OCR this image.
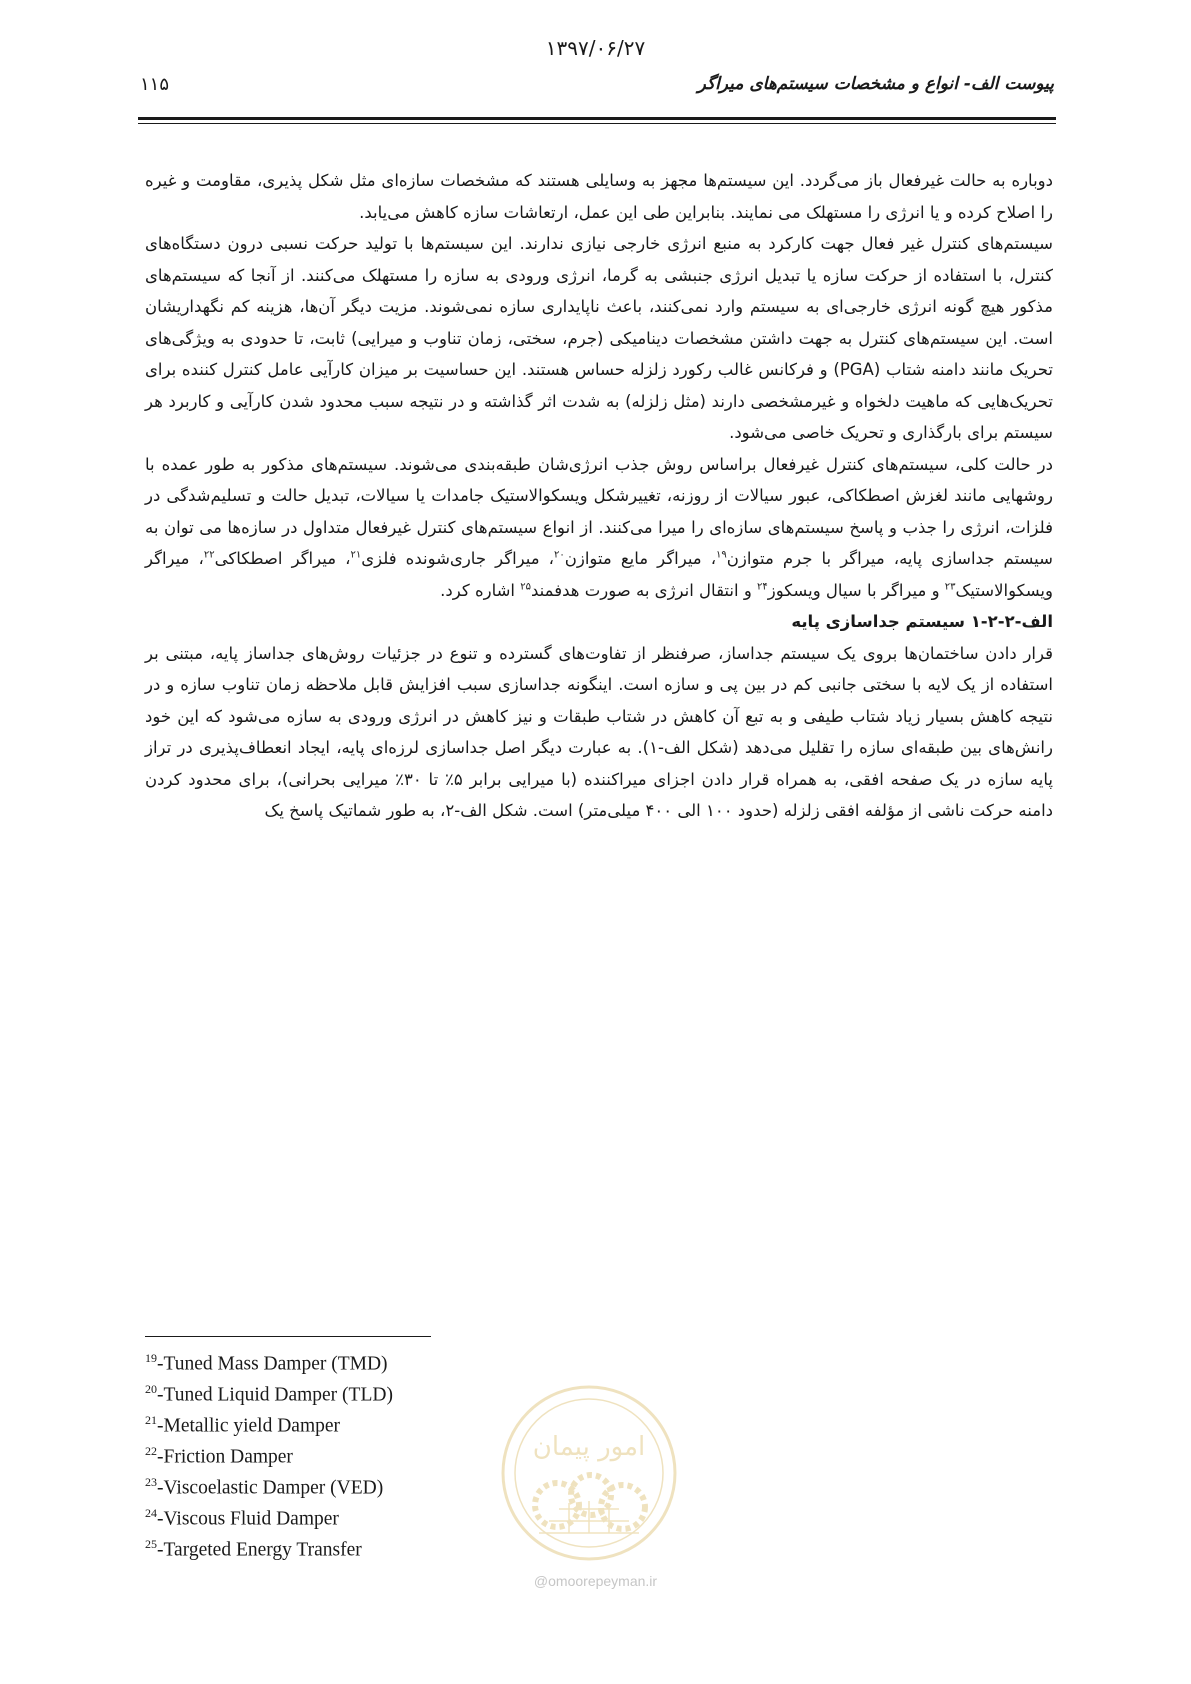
۱۳۹۷/۰۶/۲۷
پیوست الف- انواع و مشخصات سیستم‌های میراگر
۱۱۵

دوباره به حالت غیرفعال باز می‌گردد. این سیستم‌ها مجهز به وسایلی هستند که مشخصات سازه‌ای مثل شکل پذیری، مقاومت و غیره را اصلاح کرده و یا انرژی را مستهلک می نمایند. بنابراین طی این عمل، ارتعاشات سازه کاهش می‌یابد.

سیستم‌های کنترل غیر فعال جهت کارکرد به منبع انرژی خارجی نیازی ندارند. این سیستم‌ها با تولید حرکت نسبی درون دستگاه‌های کنترل، با استفاده از حرکت سازه یا تبدیل انرژی جنبشی به گرما، انرژی ورودی به سازه را مستهلک می‌کنند. از آنجا که سیستم‌های مذکور هیچ گونه انرژی خارجی‌ای به سیستم وارد نمی‌کنند، باعث ناپایداری سازه نمی‌شوند. مزیت دیگر آن‌ها، هزینه کم نگهداریشان است. این سیستم‌های کنترل به جهت داشتن مشخصات دینامیکی (جرم، سختی، زمان تناوب و میرایی) ثابت، تا حدودی به ویژگی‌های تحریک مانند دامنه شتاب (PGA) و فرکانس غالب رکورد زلزله حساس هستند. این حساسیت بر میزان کارآیی عامل کنترل کننده برای تحریک‌هایی که ماهیت دلخواه و غیرمشخصی دارند (مثل زلزله) به شدت اثر گذاشته و در نتیجه سبب محدود شدن کارآیی و کاربرد هر سیستم برای بارگذاری و تحریک خاصی می‌شود.

در حالت کلی، سیستم‌های کنترل غیرفعال براساس روش جذب انرژی‌شان طبقه‌بندی می‌شوند. سیستم‌های مذکور به طور عمده با روشهایی مانند لغزش اصطکاکی، عبور سیالات از روزنه، تغییرشکل ویسکوالاستیک جامدات یا سیالات، تبدیل حالت و تسلیم‌شدگی در فلزات، انرژی را جذب و پاسخ سیستم‌های سازه‌ای را میرا می‌کنند. از انواع سیستم‌های کنترل غیرفعال متداول در سازه‌ها می توان به سیستم جداسازی پایه، میراگر با جرم متوازن$^{۱۹}$، میراگر مایع متوازن$^{۲۰}$، میراگر جاری‌شونده فلزی$^{۲۱}$، میراگر اصطکاکی$^{۲۲}$، میراگر ویسکوالاستیک$^{۲۳}$ و میراگر با سیال ویسکوز$^{۲۴}$ و انتقال انرژی به صورت هدفمند$^{۲۵}$ اشاره کرد.

الف-۲-۲-۱ سیستم جداسازی پایه

قرار دادن ساختمان‌ها بروی یک سیستم جداساز، صرفنظر از تفاوت‌های گسترده و تنوع در جزئیات روش‌های جداساز پایه، مبتنی بر استفاده از یک لایه با سختی جانبی کم در بین پی و سازه است. اینگونه جداسازی سبب افزایش قابل ملاحظه زمان تناوب سازه و در نتیجه کاهش بسیار زیاد شتاب طیفی و به تبع آن کاهش در شتاب طبقات و نیز کاهش در انرژی ورودی به سازه می‌شود که این خود رانش‌های بین طبقه‌ای سازه را تقلیل می‌دهد (شکل الف-۱). به عبارت دیگر اصل جداسازی لرزه‌ای پایه، ایجاد انعطاف‌پذیری در تراز پایه سازه در یک صفحه افقی، به همراه قرار دادن اجزای میراکننده (با میرایی برابر ۵٪ تا ۳۰٪ میرایی بحرانی)، برای محدود کردن دامنه حرکت ناشی از مؤلفه افقی زلزله (حدود ۱۰۰ الی ۴۰۰ میلی‌متر) است. شکل الف-۲، به طور شماتیک پاسخ یک

$^{19}$-Tuned Mass Damper (TMD)
$^{20}$-Tuned Liquid Damper (TLD)
$^{21}$-Metallic yield Damper
$^{22}$-Friction Damper
$^{23}$-Viscoelastic Damper (VED)
$^{24}$-Viscous Fluid Damper
$^{25}$-Targeted Energy Transfer
امور پیمان
@omoorepeyman.ir
